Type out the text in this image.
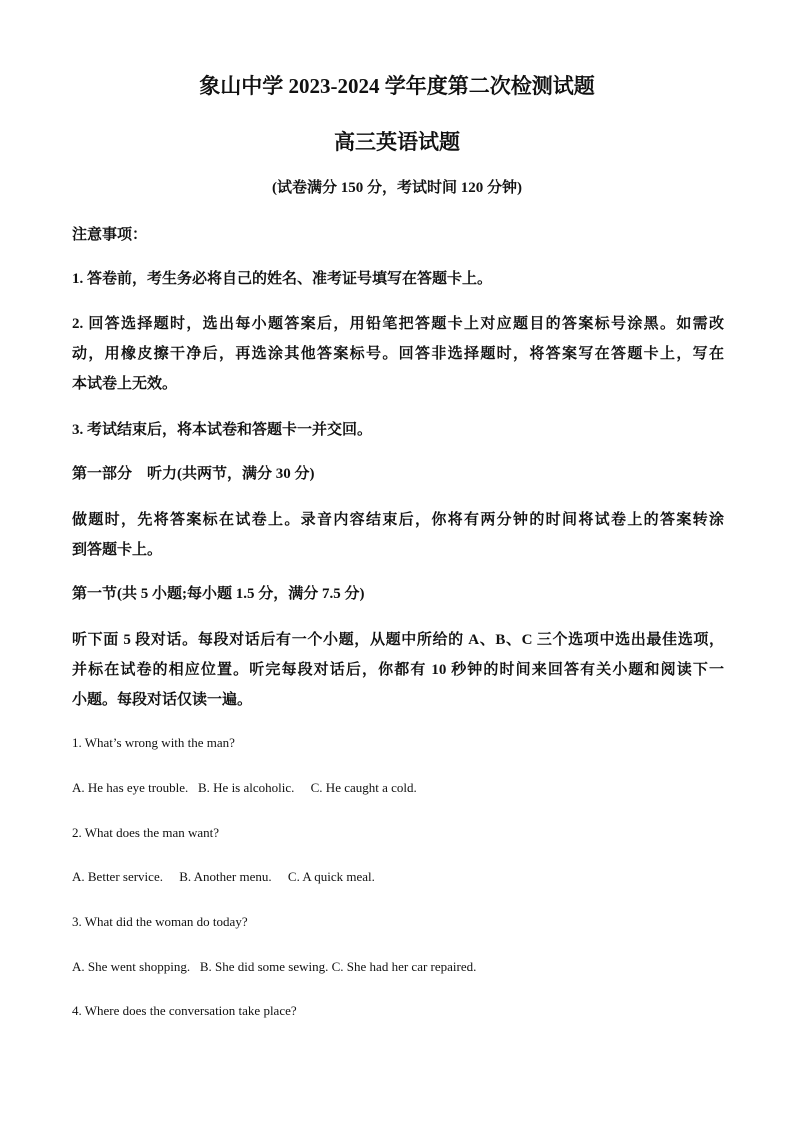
象山中学 2023-2024 学年度第二次检测试题
高三英语试题
(试卷满分 150 分，考试时间 120 分钟)
注意事项：
1. 答卷前，考生务必将自己的姓名、准考证号填写在答题卡上。
2. 回答选择题时，选出每小题答案后，用铅笔把答题卡上对应题目的答案标号涂黑。如需改
动，用橡皮擦干净后，再选涂其他答案标号。回答非选择题时，将答案写在答题卡上，写在
本试卷上无效。
3. 考试结束后，将本试卷和答题卡一并交回。
第一部分    听力(共两节，满分 30 分)
做题时，先将答案标在试卷上。录音内容结束后，你将有两分钟的时间将试卷上的答案转涂
到答题卡上。
第一节(共 5 小题;每小题 1.5 分，满分 7.5 分)
听下面 5 段对话。每段对话后有一个小题，从题中所给的 A、B、C 三个选项中选出最佳选项，
并标在试卷的相应位置。听完每段对话后，你都有 10 秒钟的时间来回答有关小题和阅读下一
小题。每段对话仅读一遍。
1. What’s wrong with the man?
A. He has eye trouble.   B. He is alcoholic.     C. He caught a cold.
2. What does the man want?
A. Better service.     B. Another menu.     C. A quick meal.
3. What did the woman do today?
A. She went shopping.   B. She did some sewing. C. She had her car repaired.
4. Where does the conversation take place?
